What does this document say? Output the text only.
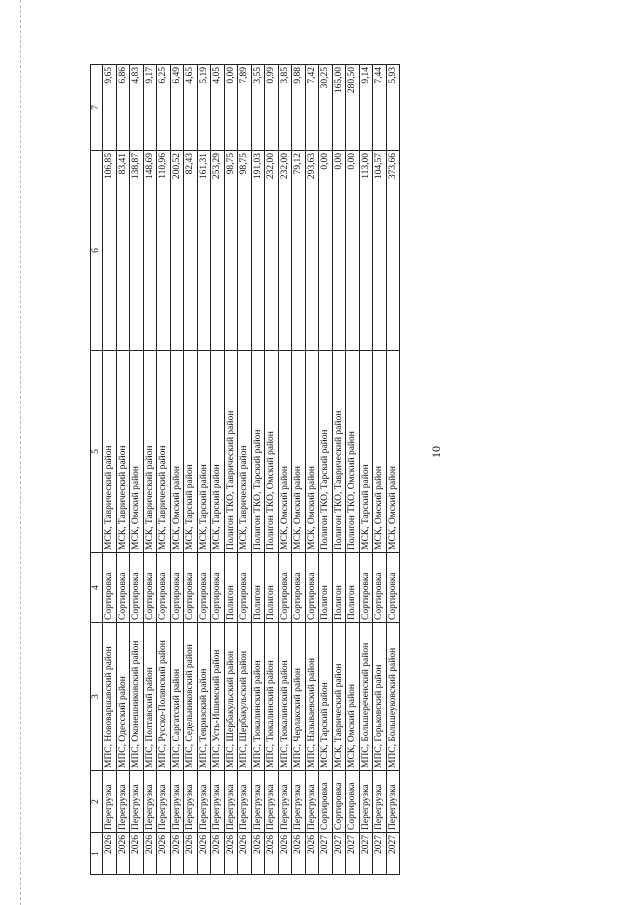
10
1	2	3	4	5	6	7
2026	Перегрузка	МПС, Нововаршавский район	Сортировка	МСК, Таврический район	106,85	9,65
2026	Перегрузка	МПС, Одесский район	Сортировка	МСК, Таврический район	83,41	6,86
2026	Перегрузка	МПС, Оконешниковский район	Сортировка	МСК, Омский район	138,87	4,83
2026	Перегрузка	МПС, Полтавский район	Сортировка	МСК, Таврический район	148,69	9,17
2026	Перегрузка	МПС, Русско-Полянский район	Сортировка	МСК, Таврический район	110,96	6,25
2026	Перегрузка	МПС, Саргатский район	Сортировка	МСК, Омский район	200,52	6,49
2026	Перегрузка	МПС, Седельниковский район	Сортировка	МСК, Тарский район	82,43	4,65
2026	Перегрузка	МПС, Тевризский район	Сортировка	МСК, Тарский район	161,31	5,19
2026	Перегрузка	МПС, Усть-Ишимский район	Сортировка	МСК, Тарский район	253,29	4,05
2026	Перегрузка	МПС, Шербакульский район	Полигон	Полигон ТКО, Таврический район	98,75	0,00
2026	Перегрузка	МПС, Шербакульский район	Сортировка	МСК, Таврический район	98,75	7,89
2026	Перегрузка	МПС, Тюкалинский район	Полигон	Полигон ТКО, Тарский район	191,03	3,55
2026	Перегрузка	МПС, Тюкалинский район	Полигон	Полигон ТКО, Омский район	232,00	0,99
2026	Перегрузка	МПС, Тюкалинский район	Сортировка	МСК, Омский район	232,00	3,85
2026	Перегрузка	МПС, Черлакский район	Сортировка	МСК, Омский район	79,12	9,88
2026	Перегрузка	МПС, Называевский район	Сортировка	МСК, Омский район	293,63	7,42
2027	Сортировка	МСК, Тарский район	Полигон	Полигон ТКО, Тарский район	0,00	30,25
2027	Сортировка	МСК, Таврический район	Полигон	Полигон ТКО, Таврический район	0,00	165,00
2027	Сортировка	МСК, Омский район	Полигон	Полигон ТКО, Омский район	0,00	280,50
2027	Перегрузка	МПС, Большереченский район	Сортировка	МСК, Тарский район	113,00	9,14
2027	Перегрузка	МПС, Горьковский район	Сортировка	МСК, Омский район	104,57	7,44
2027	Перегрузка	МПС, Большеуковский район	Сортировка	МСК, Омский район	373,66	5,93
